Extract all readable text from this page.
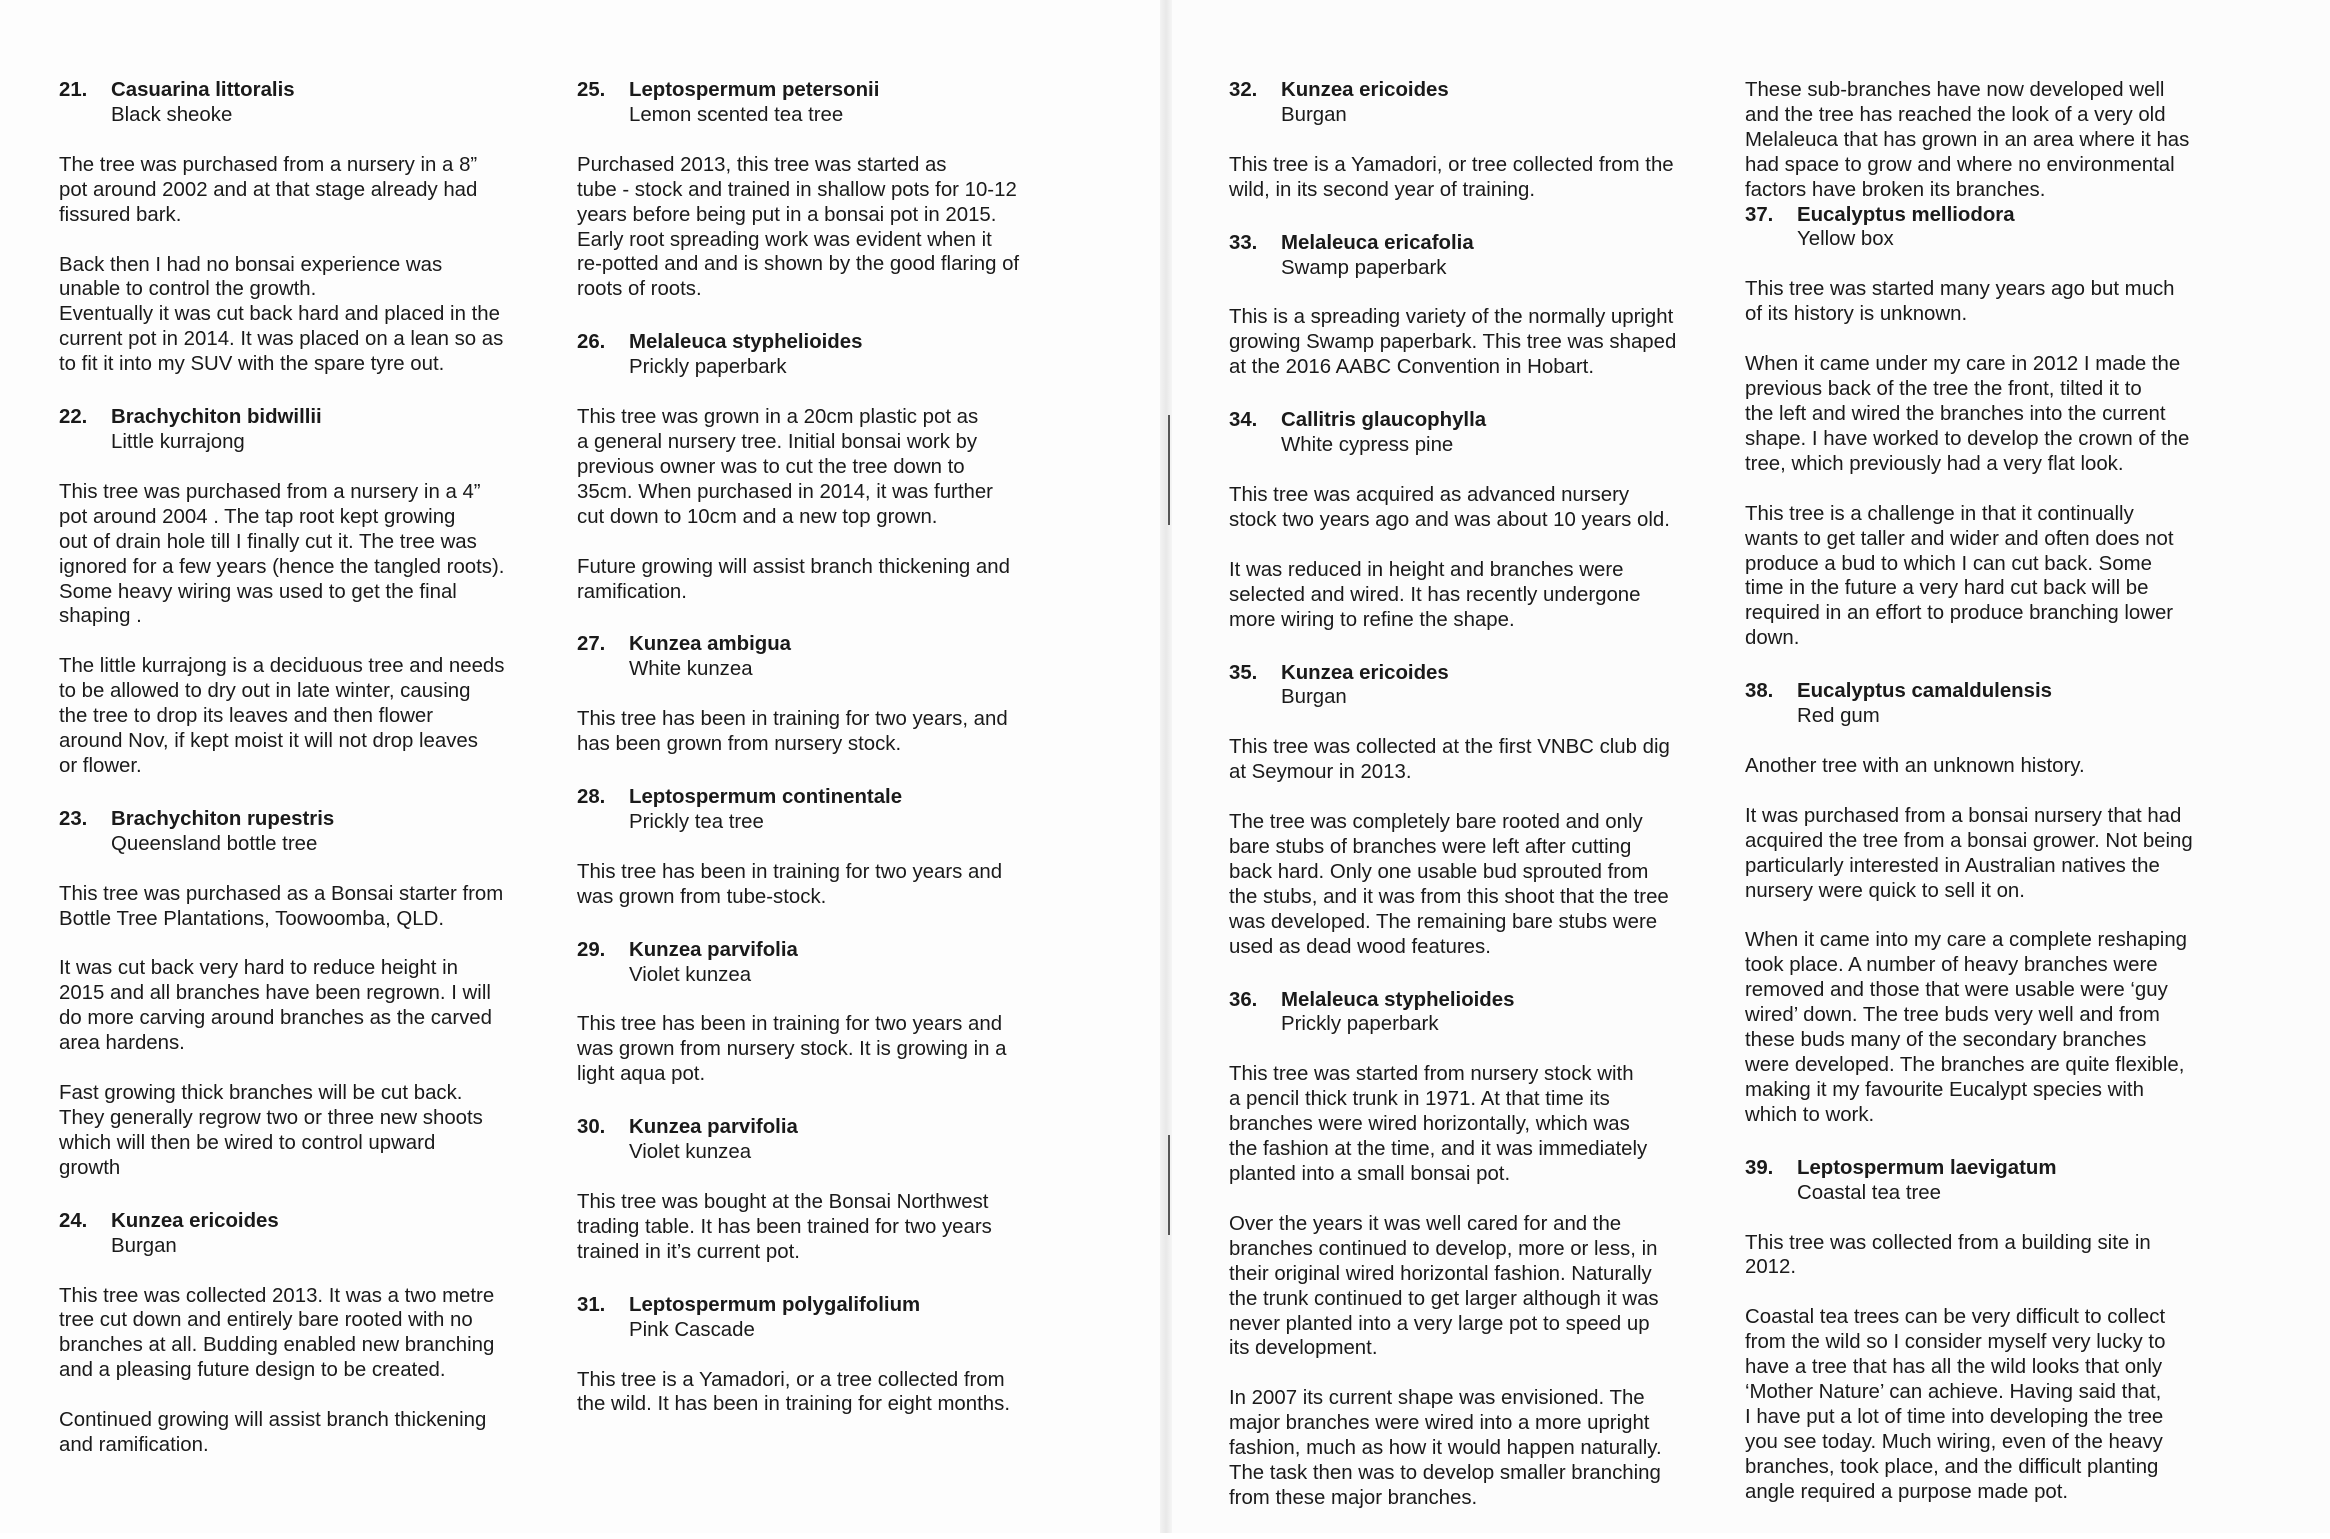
21.	Casuarina littoralis
Black sheoke
The tree was purchased from a nursery in a 8”
pot around 2002 and at that stage already had
fissured bark.
Back then I had no bonsai experience was
unable to control the growth.
Eventually it was cut back hard and placed in the
current pot in 2014. It was placed on a lean so as
to fit it into my SUV with the spare tyre out.
22.	Brachychiton bidwillii
Little kurrajong
This tree was purchased from a nursery in a 4”
pot around 2004 . The tap root kept growing
out of drain hole till I finally cut it. The tree was
ignored for a few years (hence the tangled roots).
Some heavy wiring was used to get the final
shaping .
The little kurrajong is a deciduous tree and needs
to be allowed to dry out in late winter, causing
the tree to drop its leaves and then flower
around Nov, if kept moist it will not drop leaves
or flower.
23.	Brachychiton rupestris
Queensland bottle tree
This tree was purchased as a Bonsai starter from
Bottle Tree Plantations, Toowoomba, QLD.
It was cut back very hard to reduce height in
2015 and all branches have been regrown. I will
do more carving around branches as the carved
area hardens.
Fast growing thick branches will be cut back.
They generally regrow two or three new shoots
which will then be wired to control upward
growth
24.	Kunzea ericoides
Burgan
This tree was collected 2013. It was a two metre
tree cut down and entirely bare rooted with no
branches at all. Budding enabled new branching
and a pleasing future design to be created.
Continued growing will assist branch thickening
and ramification.
25.	Leptospermum petersonii
Lemon scented tea tree
Purchased 2013, this tree was started as
tube - stock and trained in shallow pots for 10-12
years before being put in a bonsai pot in 2015.
Early root spreading work was evident when it
re-potted and and is shown by the good flaring of
roots of roots.
26.	Melaleuca styphelioides
Prickly paperbark
This tree was grown in a 20cm plastic pot as
a general nursery tree. Initial bonsai work by
previous owner was to cut the tree down to
35cm. When purchased in 2014, it was further
cut down to 10cm and a new top grown.
Future growing will assist branch thickening and
ramification.
27.	Kunzea ambigua
White kunzea
This tree has been in training for two years, and
has been grown from nursery stock.
28.	Leptospermum continentale
Prickly tea tree
This tree has been in training for two years and
was grown from tube-stock.
29.	Kunzea parvifolia
Violet kunzea
This tree has been in training for two years and
was grown from nursery stock. It is growing in a
light aqua pot.
30.	Kunzea parvifolia
Violet kunzea
This tree was bought at the Bonsai Northwest
trading table. It has been trained for two years
trained in it’s current pot.
31.	Leptospermum polygalifolium
Pink Cascade
This tree is a Yamadori, or a tree collected from
the wild. It has been in training for eight months.
32.	Kunzea ericoides
Burgan
This tree is a Yamadori, or tree collected from the
wild, in its second year of training.
33.	Melaleuca ericafolia
Swamp paperbark
This is a spreading variety of the normally upright
growing Swamp paperbark. This tree was shaped
at the 2016 AABC Convention in Hobart.
34.	Callitris glaucophylla
White cypress pine
This tree was acquired as advanced nursery
stock two years ago and was about 10 years old.
It was reduced in height and branches were
selected and wired. It has recently undergone
more wiring to refine the shape.
35.	Kunzea ericoides
Burgan
This tree was collected at the first VNBC club dig
at Seymour in 2013.
The tree was completely bare rooted and only
bare stubs of branches were left after cutting
back hard. Only one usable bud sprouted from
the stubs, and it was from this shoot that the tree
was developed. The remaining bare stubs were
used as dead wood features.
36.	Melaleuca styphelioides
Prickly paperbark
This tree was started from nursery stock with
a pencil thick trunk in 1971. At that time its
branches were wired horizontally, which was
the fashion at the time, and it was immediately
planted into a small bonsai pot.
Over the years it was well cared for and the
branches continued to develop, more or less, in
their original wired horizontal fashion. Naturally
the trunk continued to get larger although it was
never planted into a very large pot to speed up
its development.
In 2007 its current shape was envisioned. The
major branches were wired into a more upright
fashion, much as how it would happen naturally.
The task then was to develop smaller branching
from these major branches.
These sub-branches have now developed well
and the tree has reached the look of a very old
Melaleuca that has grown in an area where it has
had space to grow and where no environmental
factors have broken its branches.
37.	Eucalyptus melliodora
Yellow box
This tree was started many years ago but much
of its history is unknown.
When it came under my care in 2012 I made the
previous back of the tree the front, tilted it to
the left and wired the branches into the current
shape. I have worked to develop the crown of the
tree, which previously had a very flat look.
This tree is a challenge in that it continually
wants to get taller and wider and often does not
produce a bud to which I can cut back. Some
time in the future a very hard cut back will be
required in an effort to produce branching lower
down.
38.	Eucalyptus camaldulensis
Red gum
Another tree with an unknown history.
It was purchased from a bonsai nursery that had
acquired the tree from a bonsai grower. Not being
particularly interested in Australian natives the
nursery were quick to sell it on.
When it came into my care a complete reshaping
took place. A number of heavy branches were
removed and those that were usable were ‘guy
wired’ down. The tree buds very well and from
these buds many of the secondary branches
were developed. The branches are quite flexible,
making it my favourite Eucalypt species with
which to work.
39.	Leptospermum laevigatum
Coastal tea tree
This tree was collected from a building site in
2012.
Coastal tea trees can be very difficult to collect
from the wild so I consider myself very lucky to
have a tree that has all the wild looks that only
‘Mother Nature’ can achieve. Having said that,
I have put a lot of time into developing the tree
you see today. Much wiring, even of the heavy
branches, took place, and the difficult planting
angle required a purpose made pot.
